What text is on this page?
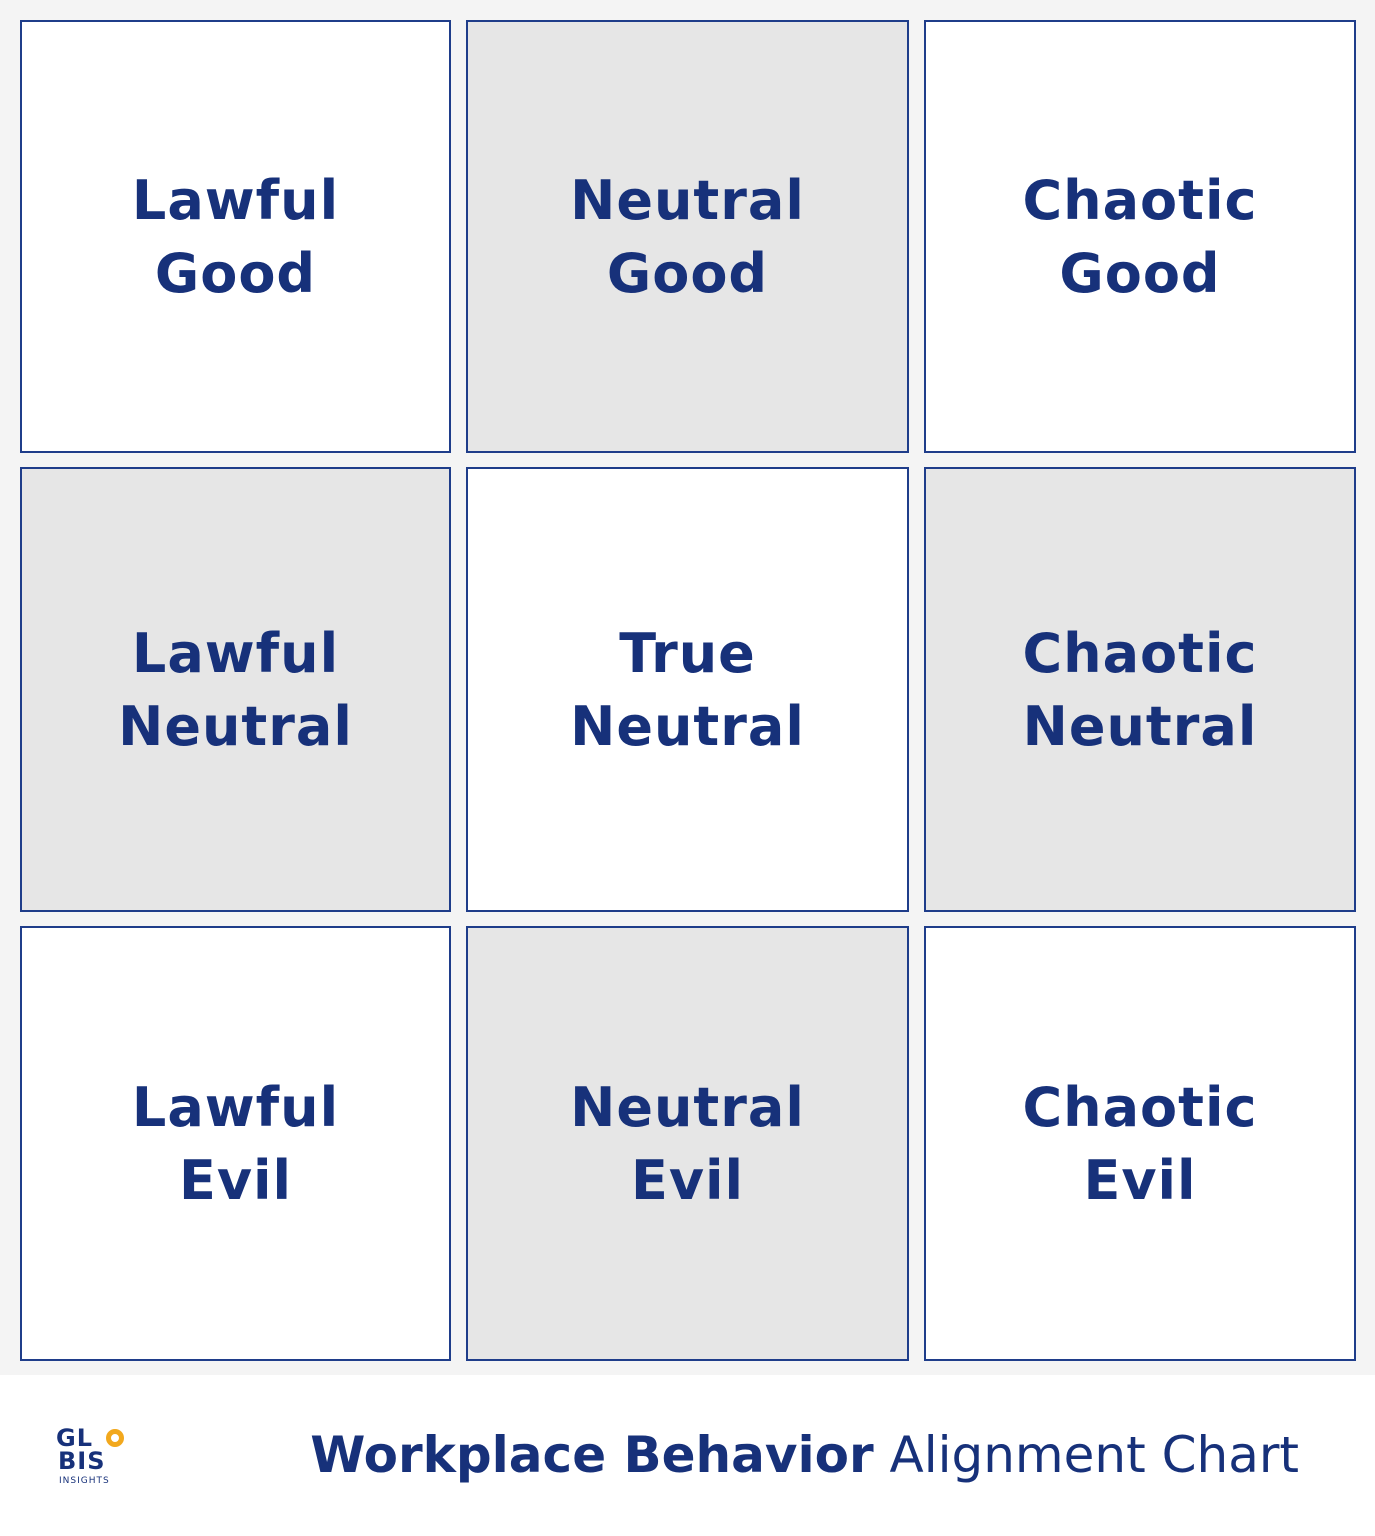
Lawful
Good
Neutral
Good
Chaotic
Good
Lawful
Neutral
True
Neutral
Chaotic
Neutral
Lawful
Evil
Neutral
Evil
Chaotic
Evil
GL
BIS
INSIGHTS	Workplace Behavior Alignment Chart
